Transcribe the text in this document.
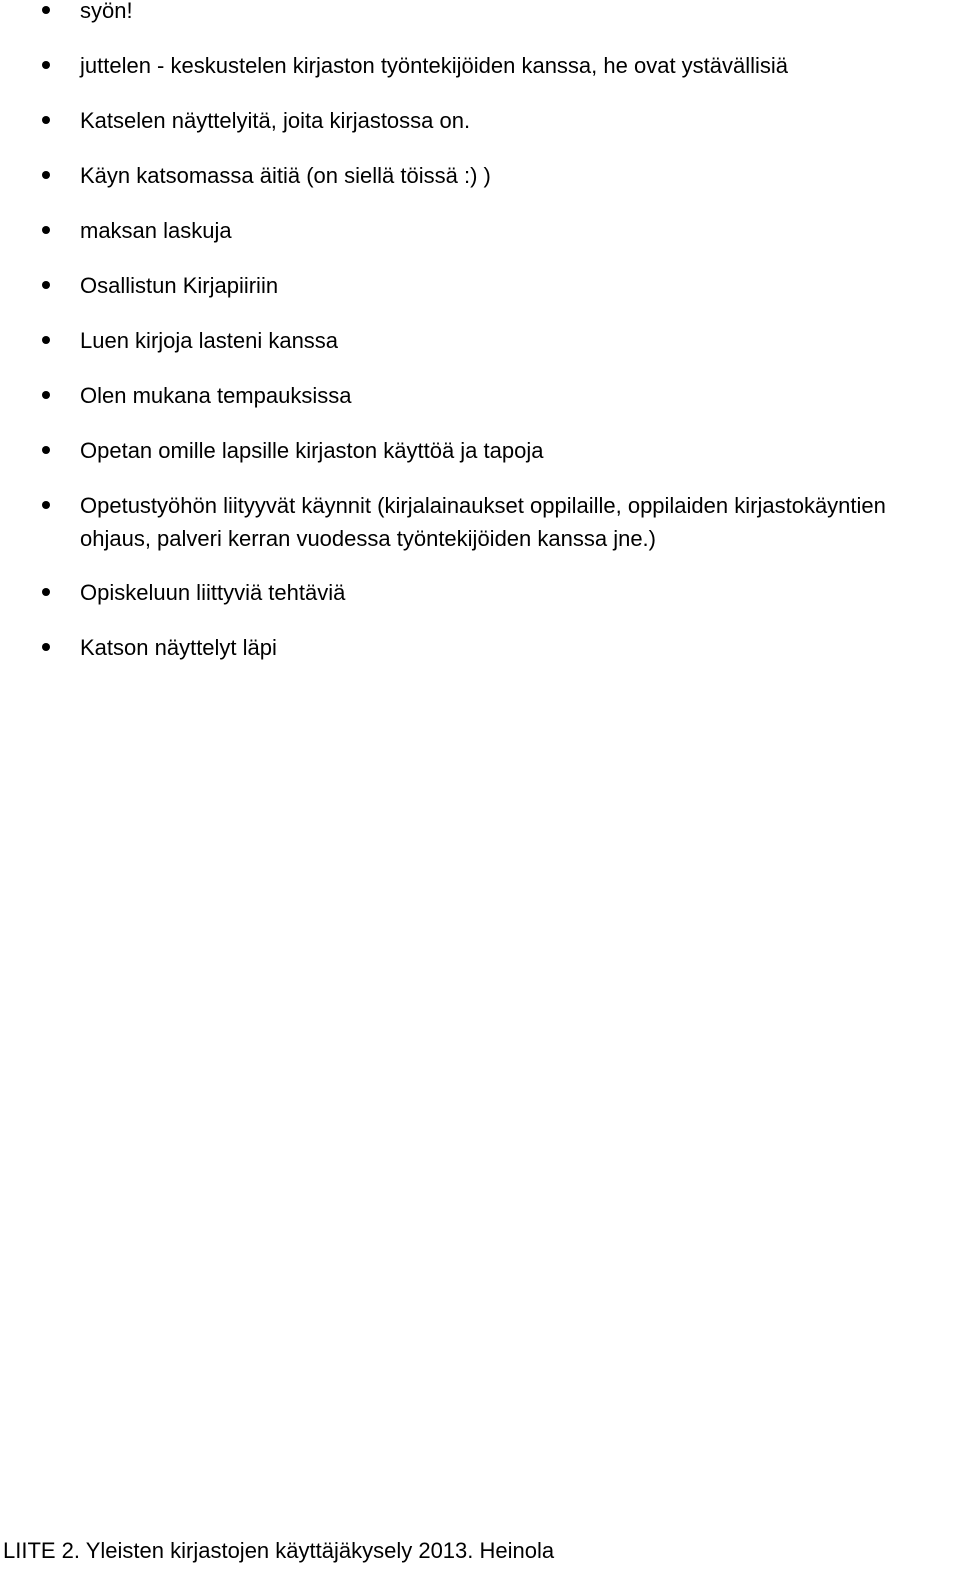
syön!
juttelen - keskustelen kirjaston työntekijöiden kanssa, he ovat ystävällisiä
Katselen näyttelyitä, joita kirjastossa on.
Käyn katsomassa äitiä (on siellä töissä :) )
maksan laskuja
Osallistun Kirjapiiriin
Luen kirjoja lasteni kanssa
Olen mukana tempauksissa
Opetan omille lapsille kirjaston käyttöä ja tapoja
Opetustyöhön liityyvät käynnit (kirjalainaukset oppilaille, oppilaiden kirjastokäyntien ohjaus, palveri kerran vuodessa työntekijöiden kanssa jne.)
Opiskeluun liittyviä tehtäviä
Katson näyttelyt läpi
LIITE 2. Yleisten kirjastojen käyttäjäkysely 2013. Heinola
